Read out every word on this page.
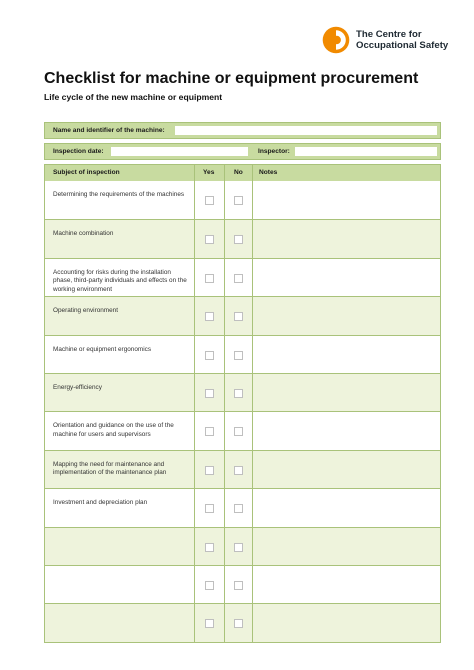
The Centre for
Occupational Safety
Checklist for machine or equipment procurement
Life cycle of the new machine or equipment
Name and identifier of the machine:
Inspection date:	Inspector:
Subject of inspection	Yes	No Notes
Determining the requirements of the machines
Machine combination
Accounting for risks during the installation phase, third-party individuals and effects on the working environment
Operating environment
Machine or equipment ergonomics
Energy-efficiency
Orientation and guidance on the use of the machine for users and supervisors
Mapping the need for maintenance and implementation of the maintenance plan
Investment and depreciation plan
